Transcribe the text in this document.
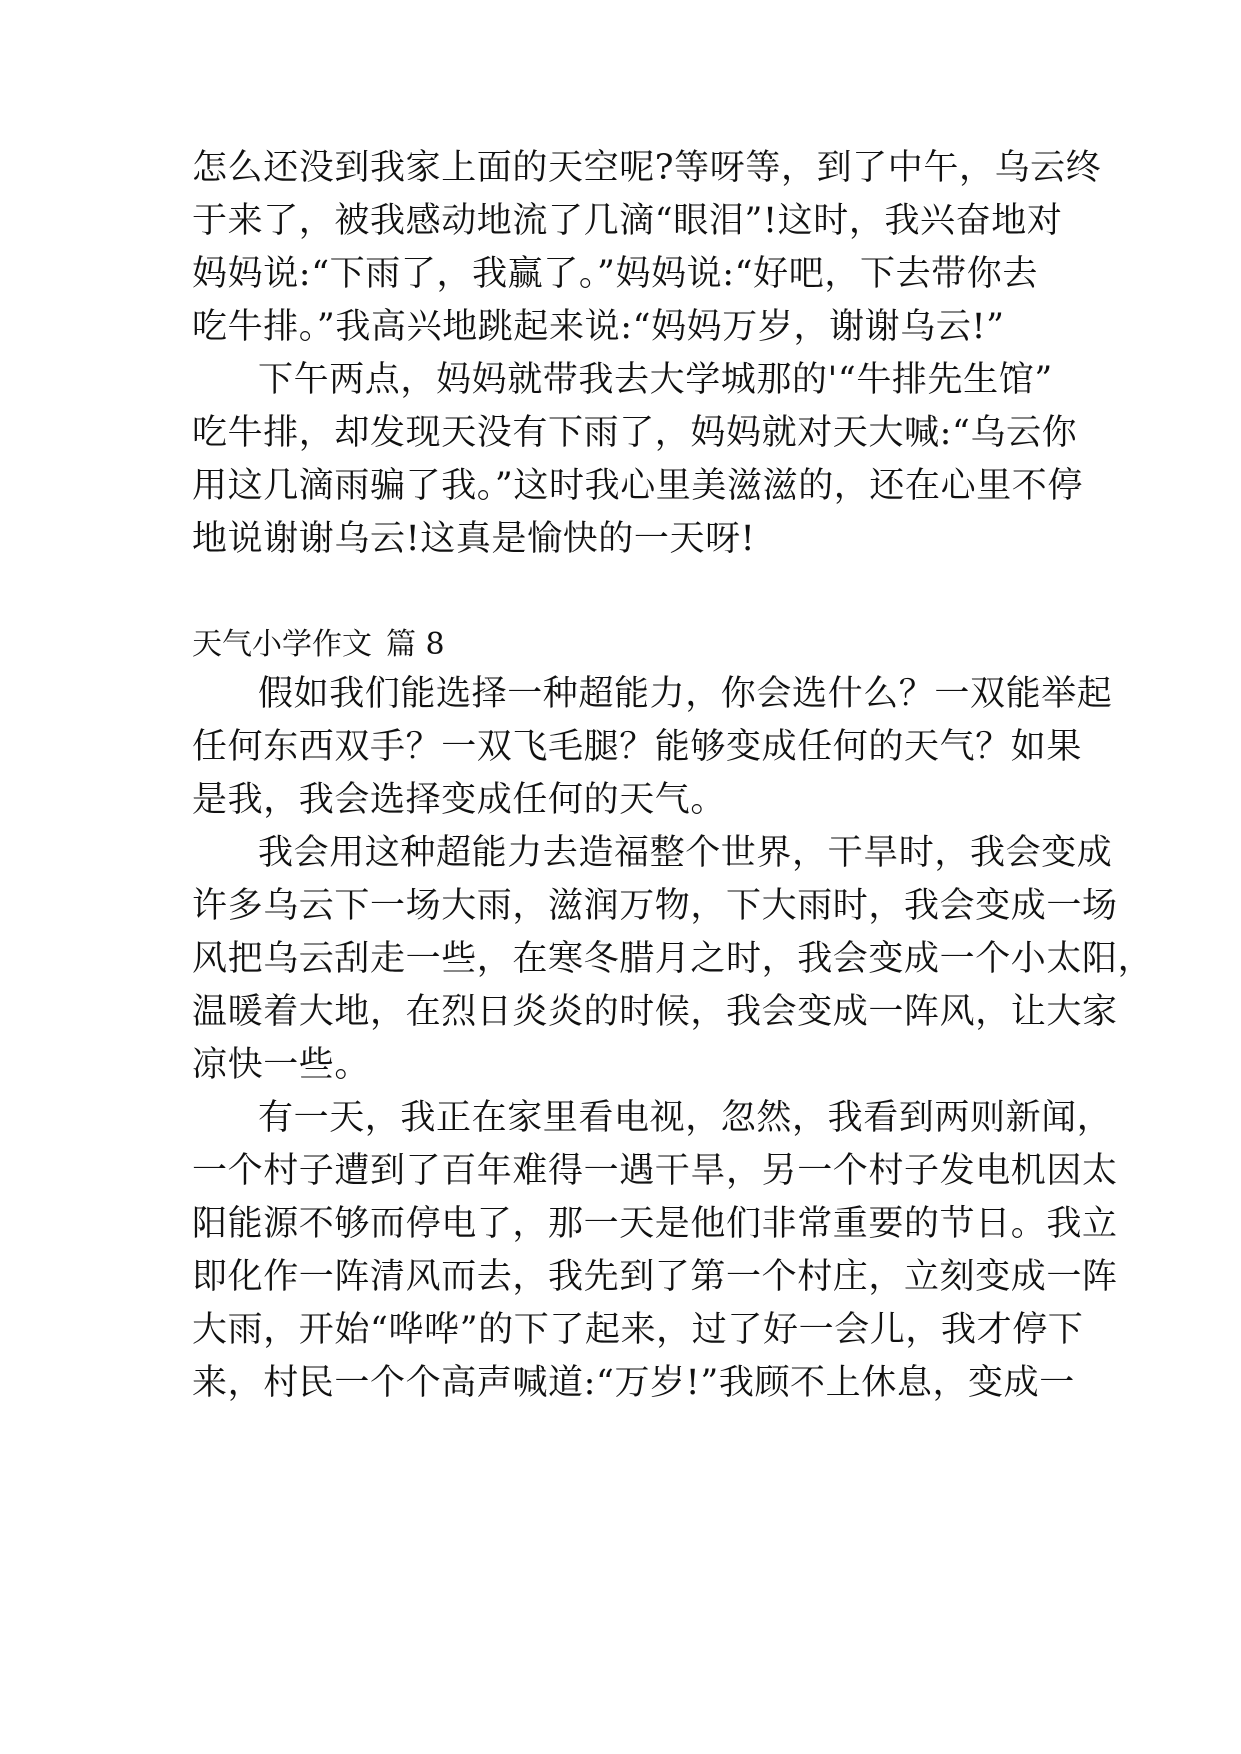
怎么还没到我家上面的天空呢?等呀等，到了中午，乌云终

于来了，被我感动地流了几滴“眼泪”!这时，我兴奋地对

妈妈说:“下雨了，我赢了。”妈妈说:“好吧，下去带你去

吃牛排。”我高兴地跳起来说:“妈妈万岁，谢谢乌云!”

下午两点，妈妈就带我去大学城那的'“牛排先生馆”

吃牛排，却发现天没有下雨了，妈妈就对天大喊:“乌云你

用这几滴雨骗了我。”这时我心里美滋滋的，还在心里不停

地说谢谢乌云!这真是愉快的一天呀!

天气小学作文 篇 8

假如我们能选择一种超能力，你会选什么？一双能举起

任何东西双手？一双飞毛腿？能够变成任何的天气？如果

是我，我会选择变成任何的天气。

我会用这种超能力去造福整个世界，干旱时，我会变成

许多乌云下一场大雨，滋润万物，下大雨时，我会变成一场

风把乌云刮走一些，在寒冬腊月之时，我会变成一个小太阳，

温暖着大地，在烈日炎炎的时候，我会变成一阵风，让大家

凉快一些。

有一天，我正在家里看电视，忽然，我看到两则新闻，

一个村子遭到了百年难得一遇干旱，另一个村子发电机因太

阳能源不够而停电了，那一天是他们非常重要的节日。我立

即化作一阵清风而去，我先到了第一个村庄，立刻变成一阵

大雨，开始“哗哗”的下了起来，过了好一会儿，我才停下

来，村民一个个高声喊道:“万岁!”我顾不上休息，变成一
